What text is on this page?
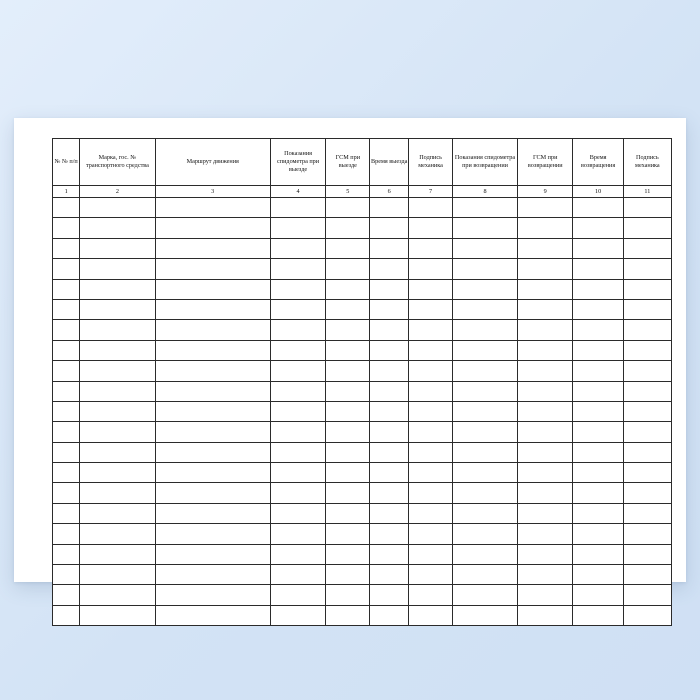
№ № п/п	Марка, гос. № транспортного средства	Маршрут движения	Показания спидометра при выезде	ГСМ при выезде	Время выезда	Подпись механика	Показания спидометра при возвращении	ГСМ при возвращении	Время возвращения	Подпись механика
1	2	3	4	5	6	7	8	9	10	11
